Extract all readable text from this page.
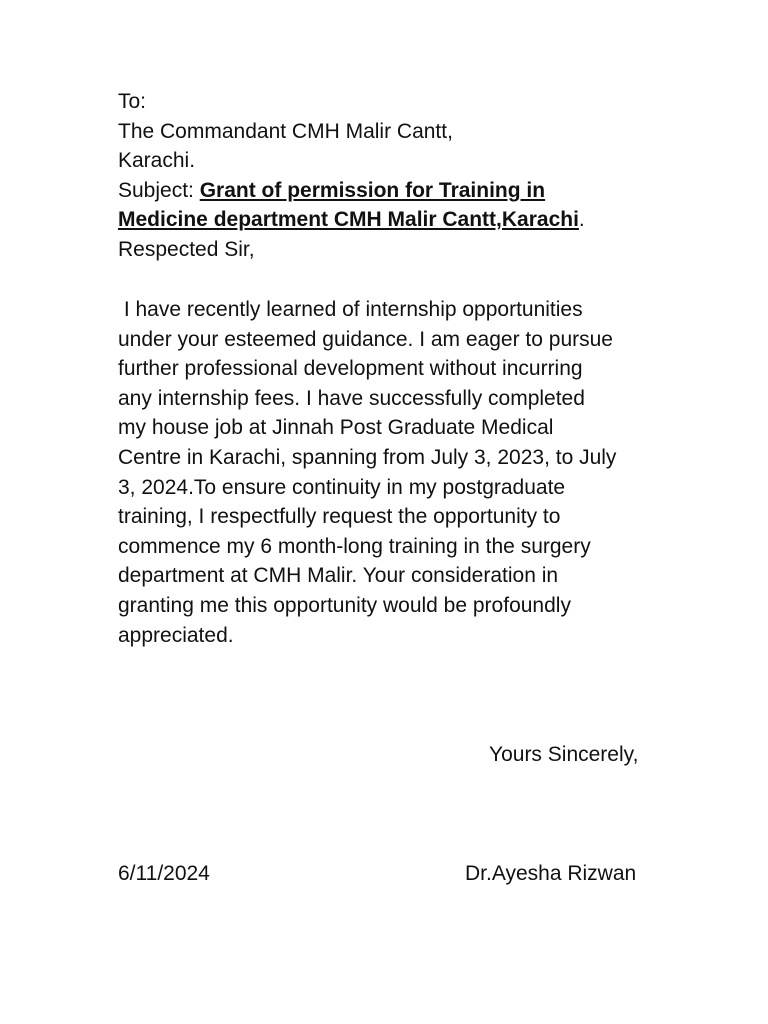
To:
The Commandant CMH Malir Cantt,
Karachi.
Subject: Grant of permission for Training in
Medicine department CMH Malir Cantt,Karachi.
Respected Sir,
I have recently learned of internship opportunities
under your esteemed guidance. I am eager to pursue
further professional development without incurring
any internship fees. I have successfully completed
my house job at Jinnah Post Graduate Medical
Centre in Karachi, spanning from July 3, 2023, to July
3, 2024.To ensure continuity in my postgraduate
training, I respectfully request the opportunity to
commence my 6 month-long training in the surgery
department at CMH Malir. Your consideration in
granting me this opportunity would be profoundly
appreciated.
Yours Sincerely,
6/11/2024	Dr.Ayesha Rizwan
